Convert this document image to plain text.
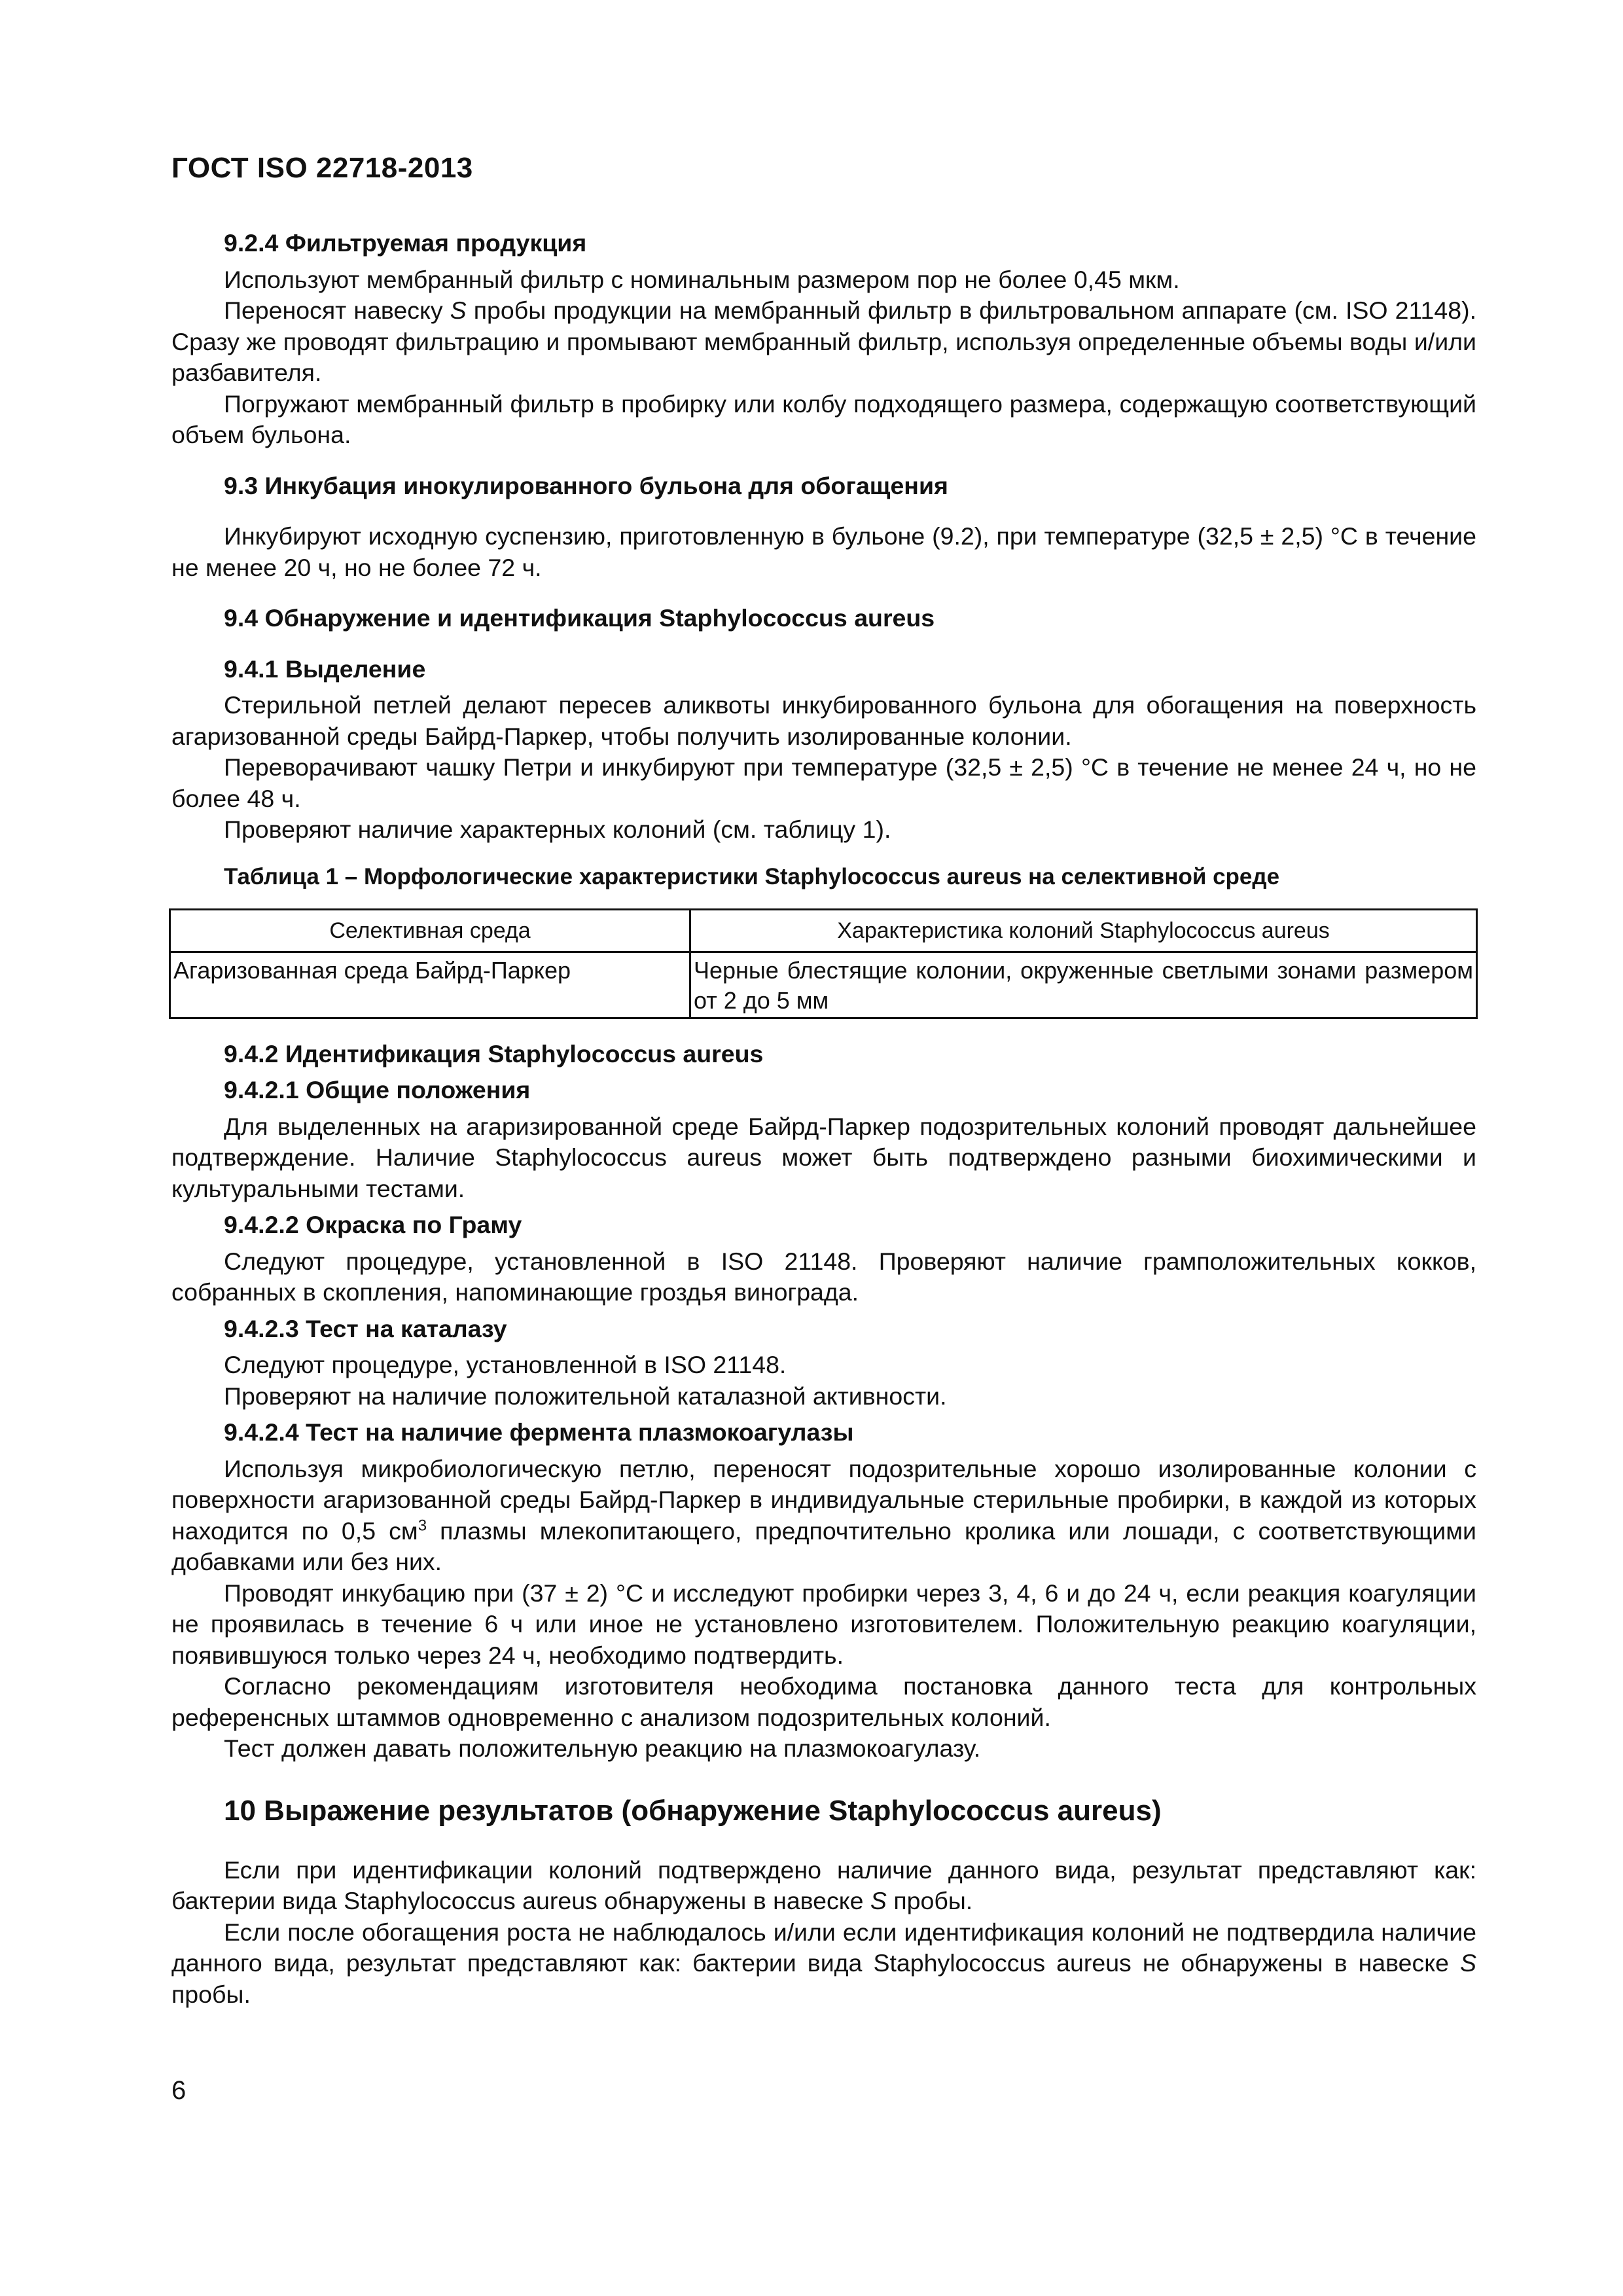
ГОСТ ISO 22718-2013
9.2.4 Фильтруемая продукция

Используют мембранный фильтр с номинальным размером пор не более 0,45 мкм.

Переносят навеску S пробы продукции на мембранный фильтр в фильтровальном аппарате (см. ISO 21148). Сразу же проводят фильтрацию и промывают мембранный фильтр, используя определенные объемы воды и/или разбавителя.

Погружают мембранный фильтр в пробирку или колбу подходящего размера, содержащую соответствующий объем бульона.

9.3 Инкубация инокулированного бульона для обогащения

Инкубируют исходную суспензию, приготовленную в бульоне (9.2), при температуре (32,5 ± 2,5) °С в течение не менее 20 ч, но не более 72 ч.

9.4 Обнаружение и идентификация Staphylococcus aureus
9.4.1 Выделение

Стерильной петлей делают пересев аликвоты инкубированного бульона для обогащения на поверхность агаризованной среды Байрд-Паркер, чтобы получить изолированные колонии.

Переворачивают чашку Петри и инкубируют при температуре (32,5 ± 2,5) °С в течение не менее 24 ч, но не более 48 ч.

Проверяют наличие характерных колоний (см. таблицу 1).

Таблица 1 – Морфологические характеристики Staphylococcus aureus на селективной среде
Селективная среда	Характеристика колоний Staphylococcus aureus
Агаризованная среда Байрд-Паркер	Черные блестящие колонии, окруженные светлыми зонами размером от 2 до 5 мм
9.4.2 Идентификация Staphylococcus aureus
9.4.2.1 Общие положения

Для выделенных на агаризированной среде Байрд-Паркер подозрительных колоний проводят дальнейшее подтверждение. Наличие Staphylococcus aureus может быть подтверждено разными биохимическими и культуральными тестами.

9.4.2.2 Окраска по Граму

Следуют процедуре, установленной в ISO 21148. Проверяют наличие грамположительных кокков, собранных в скопления, напоминающие гроздья винограда.

9.4.2.3 Тест на каталазу

Следуют процедуре, установленной в ISO 21148.

Проверяют на наличие положительной каталазной активности.

9.4.2.4 Тест на наличие фермента плазмокоагулазы

Используя микробиологическую петлю, переносят подозрительные хорошо изолированные колонии с поверхности агаризованной среды Байрд-Паркер в индивидуальные стерильные пробирки, в каждой из которых находится по 0,5 $см^3$ плазмы млекопитающего, предпочтительно кролика или лошади, с соответствующими добавками или без них.

Проводят инкубацию при (37 ± 2) °С и исследуют пробирки через 3, 4, 6 и до 24 ч, если реакция коагуляции не проявилась в течение 6 ч или иное не установлено изготовителем. Положительную реакцию коагуляции, появившуюся только через 24 ч, необходимо подтвердить.

Согласно рекомендациям изготовителя необходима постановка данного теста для контрольных референсных штаммов одновременно с анализом подозрительных колоний.

Тест должен давать положительную реакцию на плазмокоагулазу.

10 Выражение результатов (обнаружение Staphylococcus aureus)

Если при идентификации колоний подтверждено наличие данного вида, результат представляют как: бактерии вида Staphylococcus aureus обнаружены в навеске S пробы.

Если после обогащения роста не наблюдалось и/или если идентификация колоний не подтвердила наличие данного вида, результат представляют как: бактерии вида Staphylococcus aureus не обнаружены в навеске S пробы.

6
